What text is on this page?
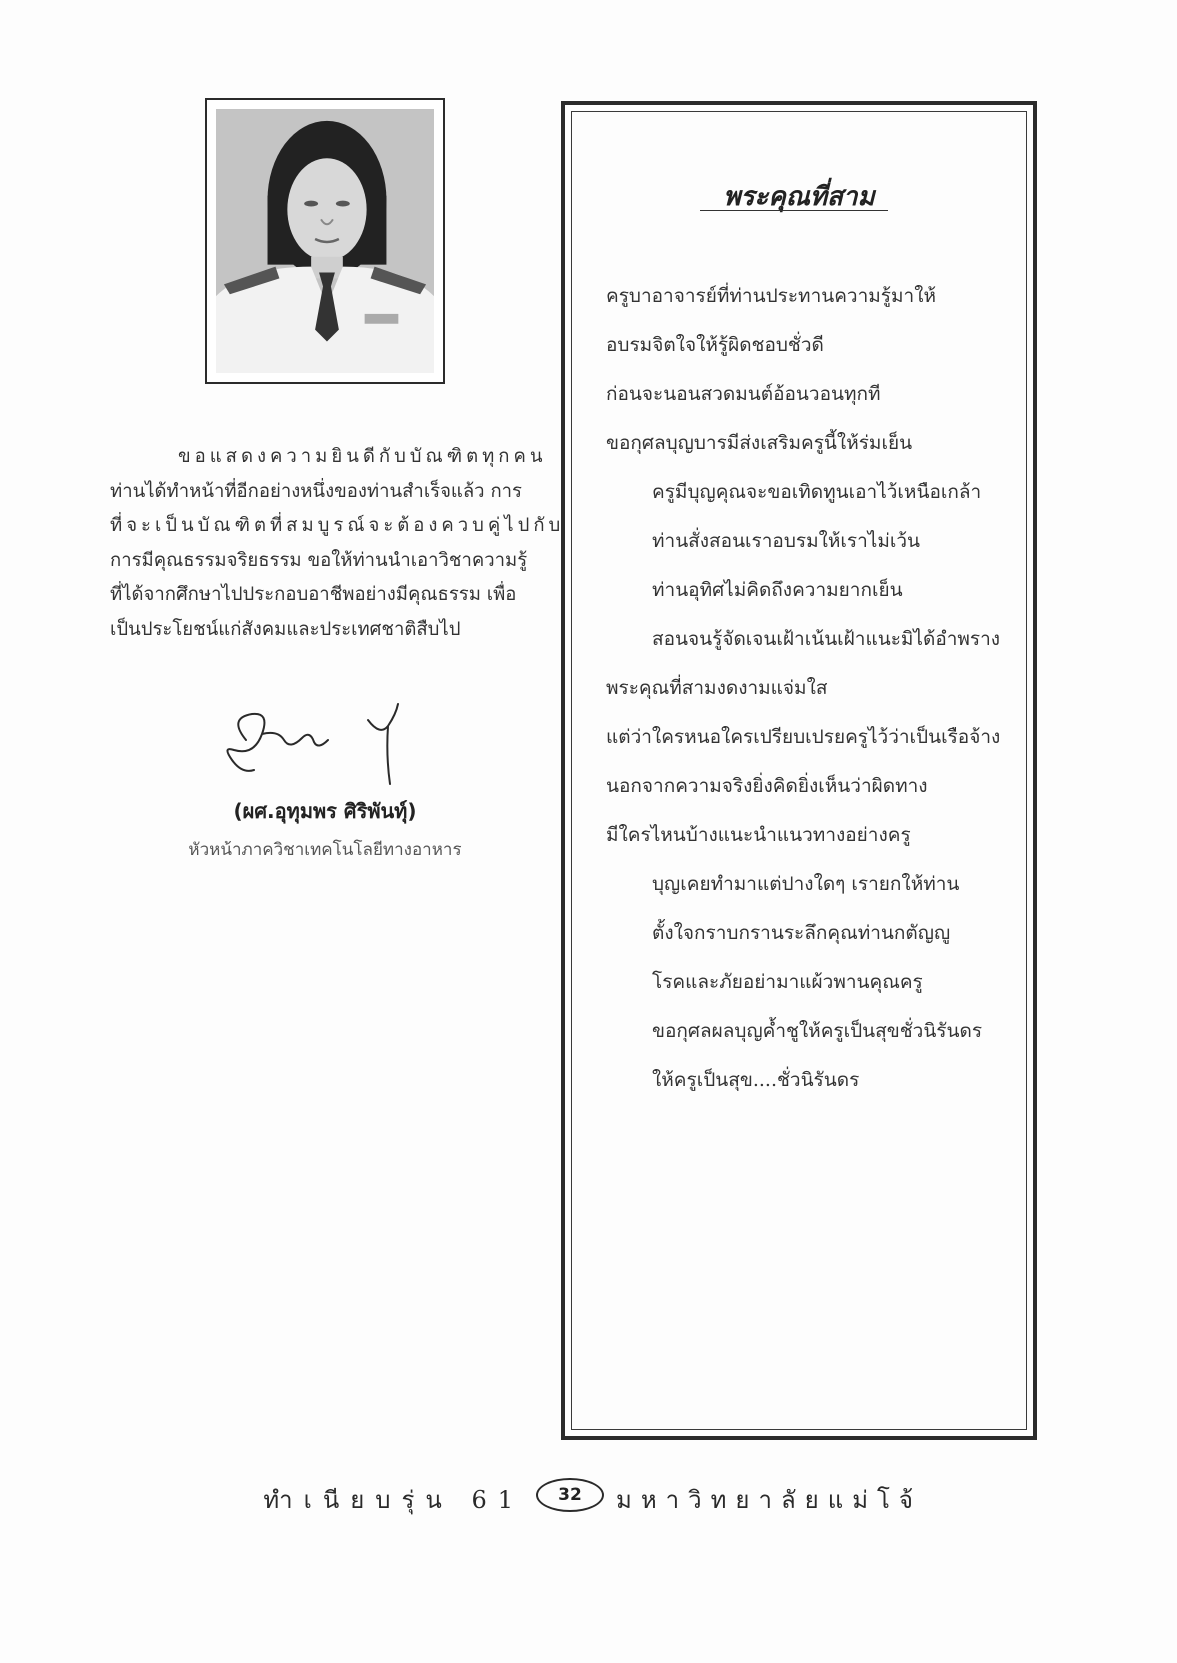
ขอแสดงความยินดีกับบัณฑิตทุกคน
ท่านได้ทำหน้าที่อีกอย่างหนึ่งของท่านสำเร็จแล้ว การ
ที่จะเป็นบัณฑิตที่สมบูรณ์จะต้องควบคู่ไปกับ
การมีคุณธรรมจริยธรรม ขอให้ท่านนำเอาวิชาความรู้
ที่ได้จากศึกษาไปประกอบอาชีพอย่างมีคุณธรรม เพื่อ
เป็นประโยชน์แก่สังคมและประเทศชาติสืบไป
(ผศ.อุทุมพร ศิริพันทุ์)
หัวหน้าภาควิชาเทคโนโลยีทางอาหาร
พระคุณที่สาม
ครูบาอาจารย์ที่ท่านประทานความรู้มาให้
อบรมจิตใจให้รู้ผิดชอบชั่วดี
ก่อนจะนอนสวดมนต์อ้อนวอนทุกที
ขอกุศลบุญบารมีส่งเสริมครูนี้ให้ร่มเย็น
ครูมีบุญคุณจะขอเทิดทูนเอาไว้เหนือเกล้า
ท่านสั่งสอนเราอบรมให้เราไม่เว้น
ท่านอุทิศไม่คิดถึงความยากเย็น
สอนจนรู้จัดเจนเฝ้าเน้นเฝ้าแนะมิได้อำพราง
พระคุณที่สามงดงามแจ่มใส
แต่ว่าใครหนอใครเปรียบเปรยครูไว้ว่าเป็นเรือจ้าง
นอกจากความจริงยิ่งคิดยิ่งเห็นว่าผิดทาง
มีใครไหนบ้างแนะนำแนวทางอย่างครู
บุญเคยทำมาแต่ปางใดๆ เรายกให้ท่าน
ตั้งใจกราบกรานระลึกคุณท่านกตัญญู
โรคและภัยอย่ามาแผ้วพานคุณครู
ขอกุศลผลบุญค้ำชูให้ครูเป็นสุขชั่วนิรันดร
ให้ครูเป็นสุข....ชั่วนิรันดร
ทำเนียบรุ่น 61	32	มหาวิทยาลัยแม่โจ้
